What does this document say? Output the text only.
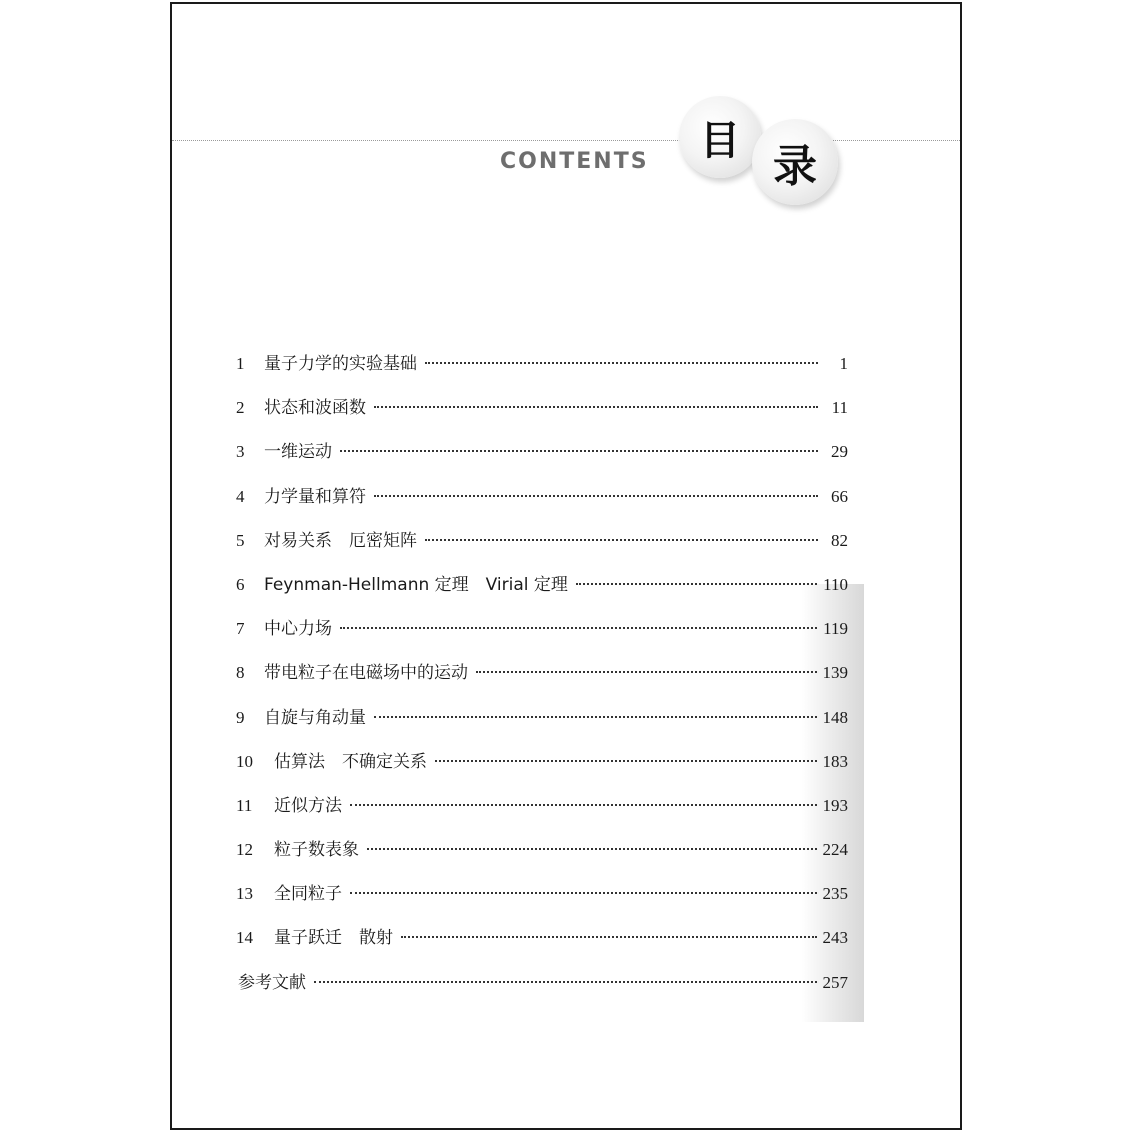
CONTENTS 目
录
1	量子力学的实验基础	1
2	状态和波函数	11
3	一维运动	29
4	力学量和算符	66
5	对易关系　厄密矩阵	82
6	Feynman-Hellmann 定理　Virial 定理	110
7	中心力场	119
8	带电粒子在电磁场中的运动	139
9	自旋与角动量	148
10	估算法　不确定关系	183
11	近似方法	193
12	粒子数表象	224
13	全同粒子	235
14	量子跃迁　散射	243
参考文献	257
